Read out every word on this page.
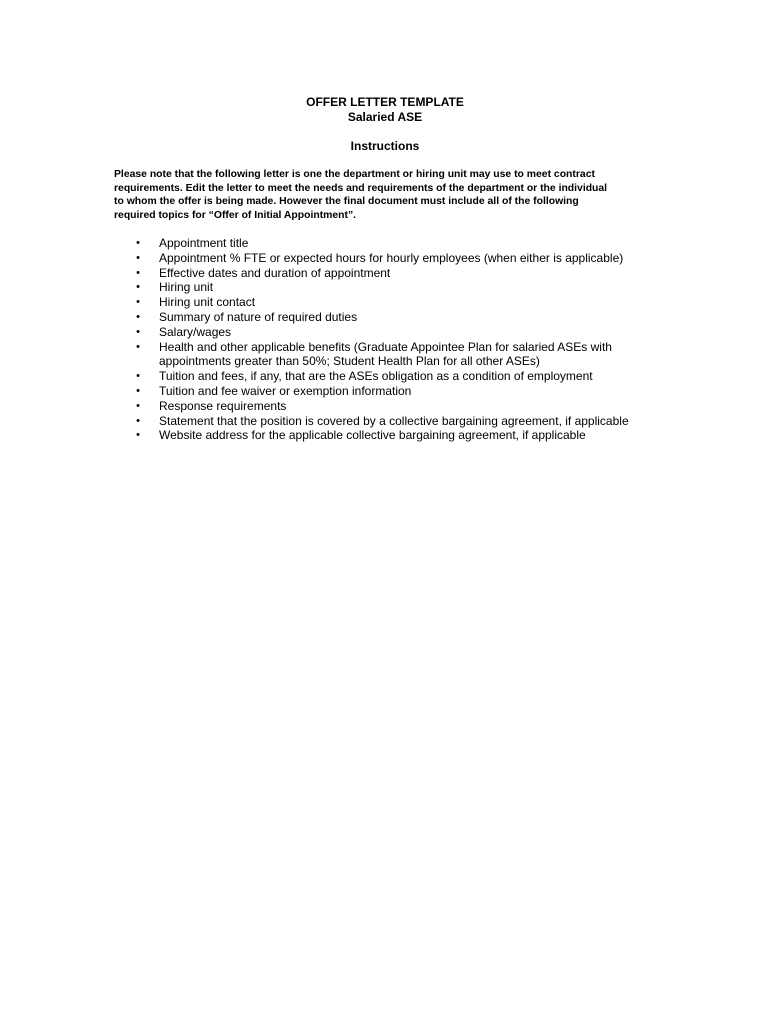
OFFER LETTER TEMPLATE
Salaried ASE
Instructions
Please note that the following letter is one the department or hiring unit may use to meet contract
requirements. Edit the letter to meet the needs and requirements of the department or the individual
to whom the offer is being made. However the final document must include all of the following
required topics for “Offer of Initial Appointment”.
• Appointment title
• Appointment % FTE or expected hours for hourly employees (when either is applicable)
• Effective dates and duration of appointment
• Hiring unit
• Hiring unit contact
• Summary of nature of required duties
• Salary/wages
• Health and other applicable benefits (Graduate Appointee Plan for salaried ASEs with
appointments greater than 50%; Student Health Plan for all other ASEs)
• Tuition and fees, if any, that are the ASEs obligation as a condition of employment
• Tuition and fee waiver or exemption information
• Response requirements
• Statement that the position is covered by a collective bargaining agreement, if applicable
• Website address for the applicable collective bargaining agreement, if applicable
